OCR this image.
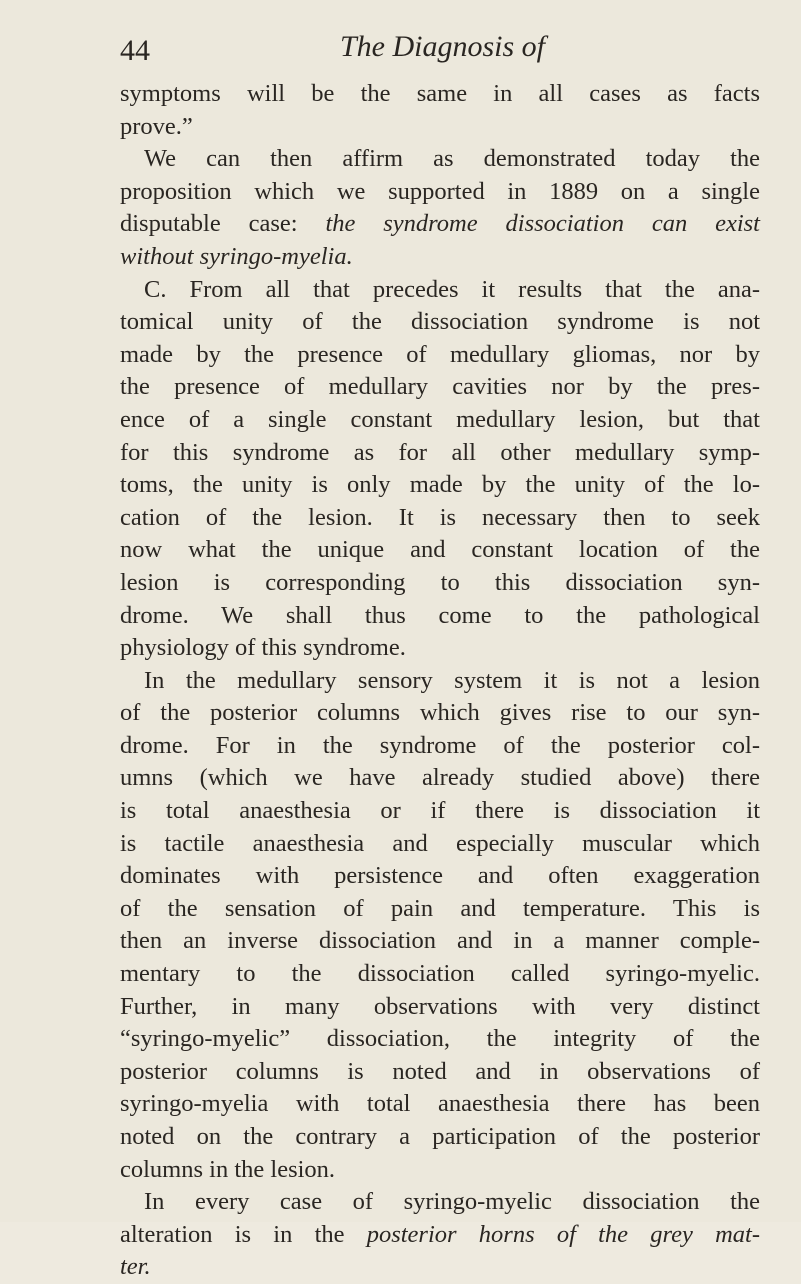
44	The Diagnosis of
symptoms will be the same in all cases as facts
prove.”
We can then affirm as demonstrated today the
proposition which we supported in 1889 on a single
disputable case: the syndrome dissociation can exist
without syringo-myelia.
C. From all that precedes it results that the ana-
tomical unity of the dissociation syndrome is not
made by the presence of medullary gliomas, nor by
the presence of medullary cavities nor by the pres-
ence of a single constant medullary lesion, but that
for this syndrome as for all other medullary symp-
toms, the unity is only made by the unity of the lo-
cation of the lesion. It is necessary then to seek
now what the unique and constant location of the
lesion is corresponding to this dissociation syn-
drome. We shall thus come to the pathological
physiology of this syndrome.
In the medullary sensory system it is not a lesion
of the posterior columns which gives rise to our syn-
drome. For in the syndrome of the posterior col-
umns (which we have already studied above) there
is total anaesthesia or if there is dissociation it
is tactile anaesthesia and especially muscular which
dominates with persistence and often exaggeration
of the sensation of pain and temperature. This is
then an inverse dissociation and in a manner comple-
mentary to the dissociation called syringo-myelic.
Further, in many observations with very distinct
“syringo-myelic” dissociation, the integrity of the
posterior columns is noted and in observations of
syringo-myelia with total anaesthesia there has been
noted on the contrary a participation of the posterior
columns in the lesion.
In every case of syringo-myelic dissociation the
alteration is in the posterior horns of the grey mat-
ter.
